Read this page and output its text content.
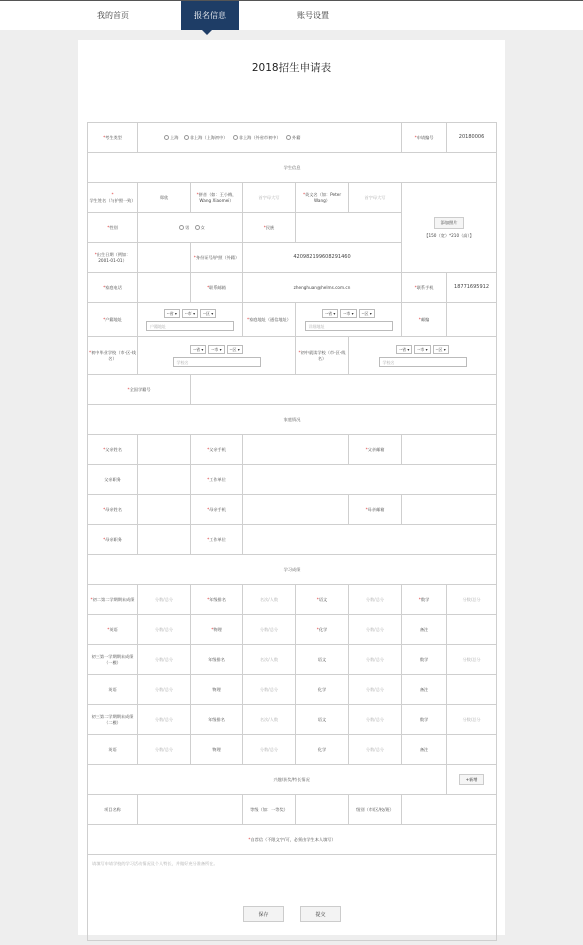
我的首页	报名信息	账号设置
2018招生申请表
*考生类型	上海 非上海（上海初中） 非上海（外省市初中） 外籍					*申请编号	20180006
学生信息							
*学生姓名（与护照一致）	郑欣	*拼音（如：王小梅，Wang Xiaomei）	首字母大写	*英文名（如：Peter Wang）	首字母大写	添加照片
【150（宽）*210（高）】	

*性别	男 女		*民族				
*出生日期（例如：2001-01-01）		*身份证号/护照（外籍）	420982199608291460				
*家庭电话		*联系邮箱	zhenghuan@helms.com.cn			*联系手机	18771695912
*户籍地址	--省 ▾ --市 ▾ --区 ▾
户籍地址		*家庭地址（通信地址）	--省 ▾ --市 ▾ --区 ▾
详细地址		*邮编	
*初中毕业学校（市-区-线名）	--省 ▾ --市 ▾ --区 ▾
学校名			*初中就读学校（市-区-线名）	--省 ▾ --市 ▾ --区 ▾
学校名		

*全国学籍号							
家庭情况							
*父亲姓名		*父亲手机			*父亲邮箱		
父亲职务		*工作单位					
*母亲姓名		*母亲手机			*母亲邮箱		
*母亲职务		*工作单位					
学习成绩							
*初二第二学期期末成绩	分数/总分	*年级排名	名次/人数	*语文	分数/总分	*数学	分数/总分
*英语	分数/总分	*物理	分数/总分	*化学	分数/总分	备注	
初三第一学期期末成绩（一模）	分数/总分	年级排名	名次/人数	语文	分数/总分	数学	分数/总分
英语	分数/总分	物理	分数/总分	化学	分数/总分	备注	
初三第二学期期末成绩（二模）	分数/总分	年级排名	名次/人数	语文	分数/总分	数学	分数/总分
英语	分数/总分	物理	分数/总分	化学	分数/总分	备注	
兴趣/获奖/特长情况							+新增
项目名称			等级（如：一等奖）		级别（市/区/校/班）		
*自荐信（不限文字/可，必须由学生本人填写）							
请填写申请学校的学习活动情况及个人特长，并做好充分准备所在。							
保存	提交
